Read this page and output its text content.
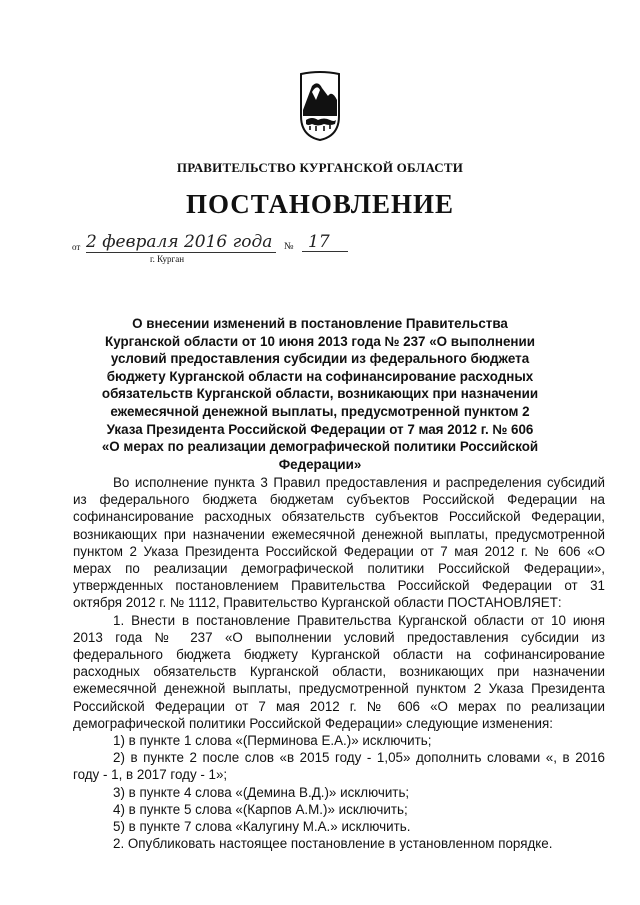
ПРАВИТЕЛЬСТВО КУРГАНСКОЙ ОБЛАСТИ
ПОСТАНОВЛЕНИЕ
от 2 февраля 2016 года	№ 17
г. Курган
О внесении изменений в постановление Правительства Курганской области от 10 июня 2013 года № 237 «О выполнении условий предоставления субсидии из федерального бюджета бюджету Курганской области на софинансирование расходных обязательств Курганской области, возникающих при назначении ежемесячной денежной выплаты, предусмотренной пунктом 2 Указа Президента Российской Федерации от 7 мая 2012 г. № 606 «О мерах по реализации демографической политики Российской Федерации»

Во исполнение пункта 3 Правил предоставления и распределения субсидий из федерального бюджета бюджетам субъектов Российской Федерации на софинансирование расходных обязательств субъектов Российской Федерации, возникающих при назначении ежемесячной денежной выплаты, предусмотренной пунктом 2 Указа Президента Российской Федерации от 7 мая 2012 г. № 606 «О мерах по реализации демографической политики Российской Федерации», утвержденных постановлением Правительства Российской Федерации от 31 октября 2012 г. № 1112, Правительство Курганской области ПОСТАНОВЛЯЕТ:

1. Внести в постановление Правительства Курганской области от 10 июня 2013 года № 237 «О выполнении условий предоставления субсидии из федерального бюджета бюджету Курганской области на софинансирование расходных обязательств Курганской области, возникающих при назначении ежемесячной денежной выплаты, предусмотренной пунктом 2 Указа Президента Российской Федерации от 7 мая 2012 г. № 606 «О мерах по реализации демографической политики Российской Федерации» следующие изменения:

1) в пункте 1 слова «(Перминова Е.А.)» исключить;

2) в пункте 2 после слов «в 2015 году - 1,05» дополнить словами «, в 2016 году - 1, в 2017 году - 1»;

3) в пункте 4 слова «(Демина В.Д.)» исключить;

4) в пункте 5 слова «(Карпов А.М.)» исключить;

5) в пункте 7 слова «Калугину М.А.» исключить.

2. Опубликовать настоящее постановление в установленном порядке.
